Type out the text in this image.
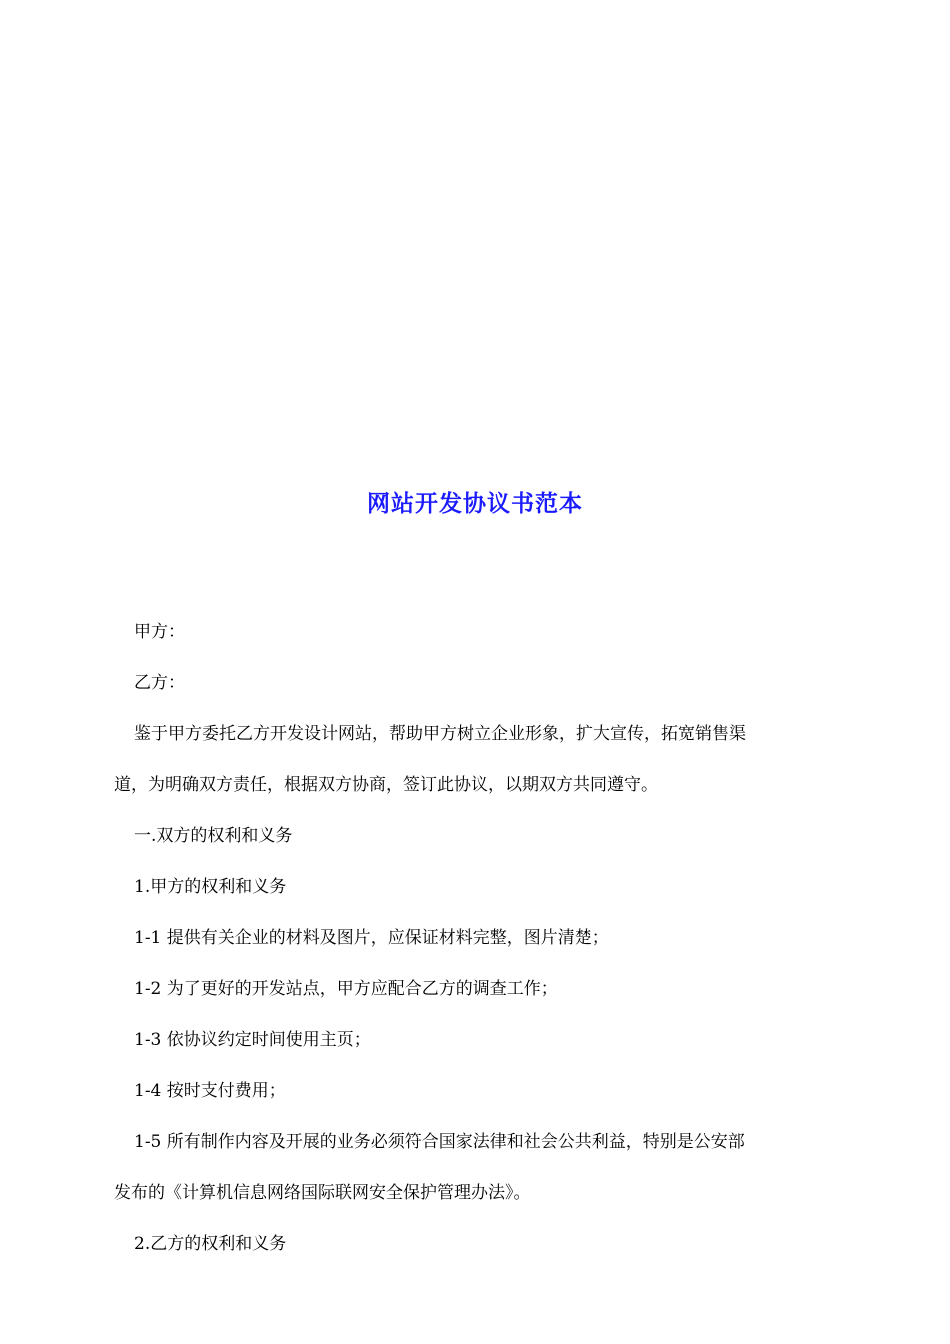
网站开发协议书范本

甲方：

乙方：

鉴于甲方委托乙方开发设计网站，帮助甲方树立企业形象，扩大宣传，拓宽销售渠
道，为明确双方责任，根据双方协商，签订此协议，以期双方共同遵守。

一.双方的权利和义务

1.甲方的权利和义务

1-1 提供有关企业的材料及图片，应保证材料完整，图片清楚；

1-2 为了更好的开发站点，甲方应配合乙方的调查工作；

1-3 依协议约定时间使用主页；

1-4 按时支付费用；

1-5 所有制作内容及开展的业务必须符合国家法律和社会公共利益，特别是公安部
发布的《计算机信息网络国际联网安全保护管理办法》。

2.乙方的权利和义务
